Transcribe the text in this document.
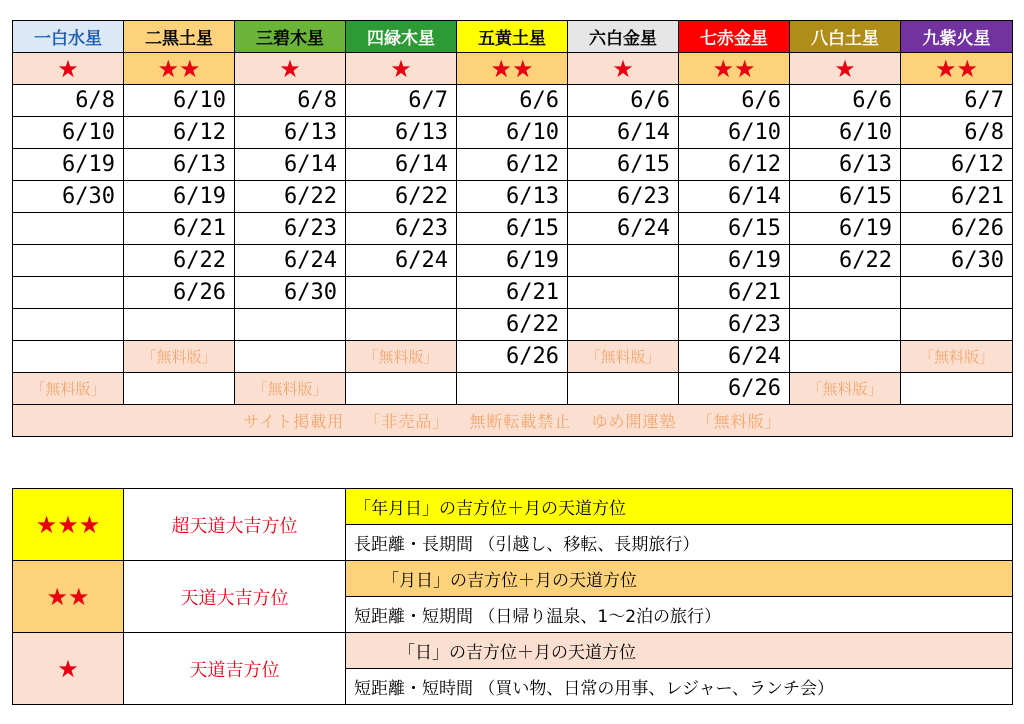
一白水星	二黒土星	三碧木星	四緑木星	五黄土星	六白金星	七赤金星	八白土星	九紫火星
★	★★	★	★	★★	★	★★	★	★★
6/8	6/10	6/8	6/7	6/6	6/6	6/6	6/6	6/7
6/10	6/12	6/13	6/13	6/10	6/14	6/10	6/10	6/8
6/19	6/13	6/14	6/14	6/12	6/15	6/12	6/13	6/12
6/30	6/19	6/22	6/22	6/13	6/23	6/14	6/15	6/21
	6/21	6/23	6/23	6/15	6/24	6/15	6/19	6/26
	6/22	6/24	6/24	6/19		6/19	6/22	6/30
	6/26	6/30		6/21		6/21		
				6/22		6/23		
	「無料版」		「無料版」	6/26	「無料版」	6/24		「無料版」
「無料版」		「無料版」				6/26	「無料版」	
サイト掲載用 「非売品」 無断転載禁止 ゆめ開運塾 「無料版」								
★★★	超天道大吉方位	「年月日」の吉方位＋月の天道方位
		長距離・長期間 （引越し、移転、長期旅行）
★★	天道大吉方位	「月日」の吉方位＋月の天道方位
		短距離・短期間 （日帰り温泉、1～2泊の旅行）
★	天道吉方位	「日」の吉方位＋月の天道方位
		短距離・短時間 （買い物、日常の用事、レジャー、ランチ会）
